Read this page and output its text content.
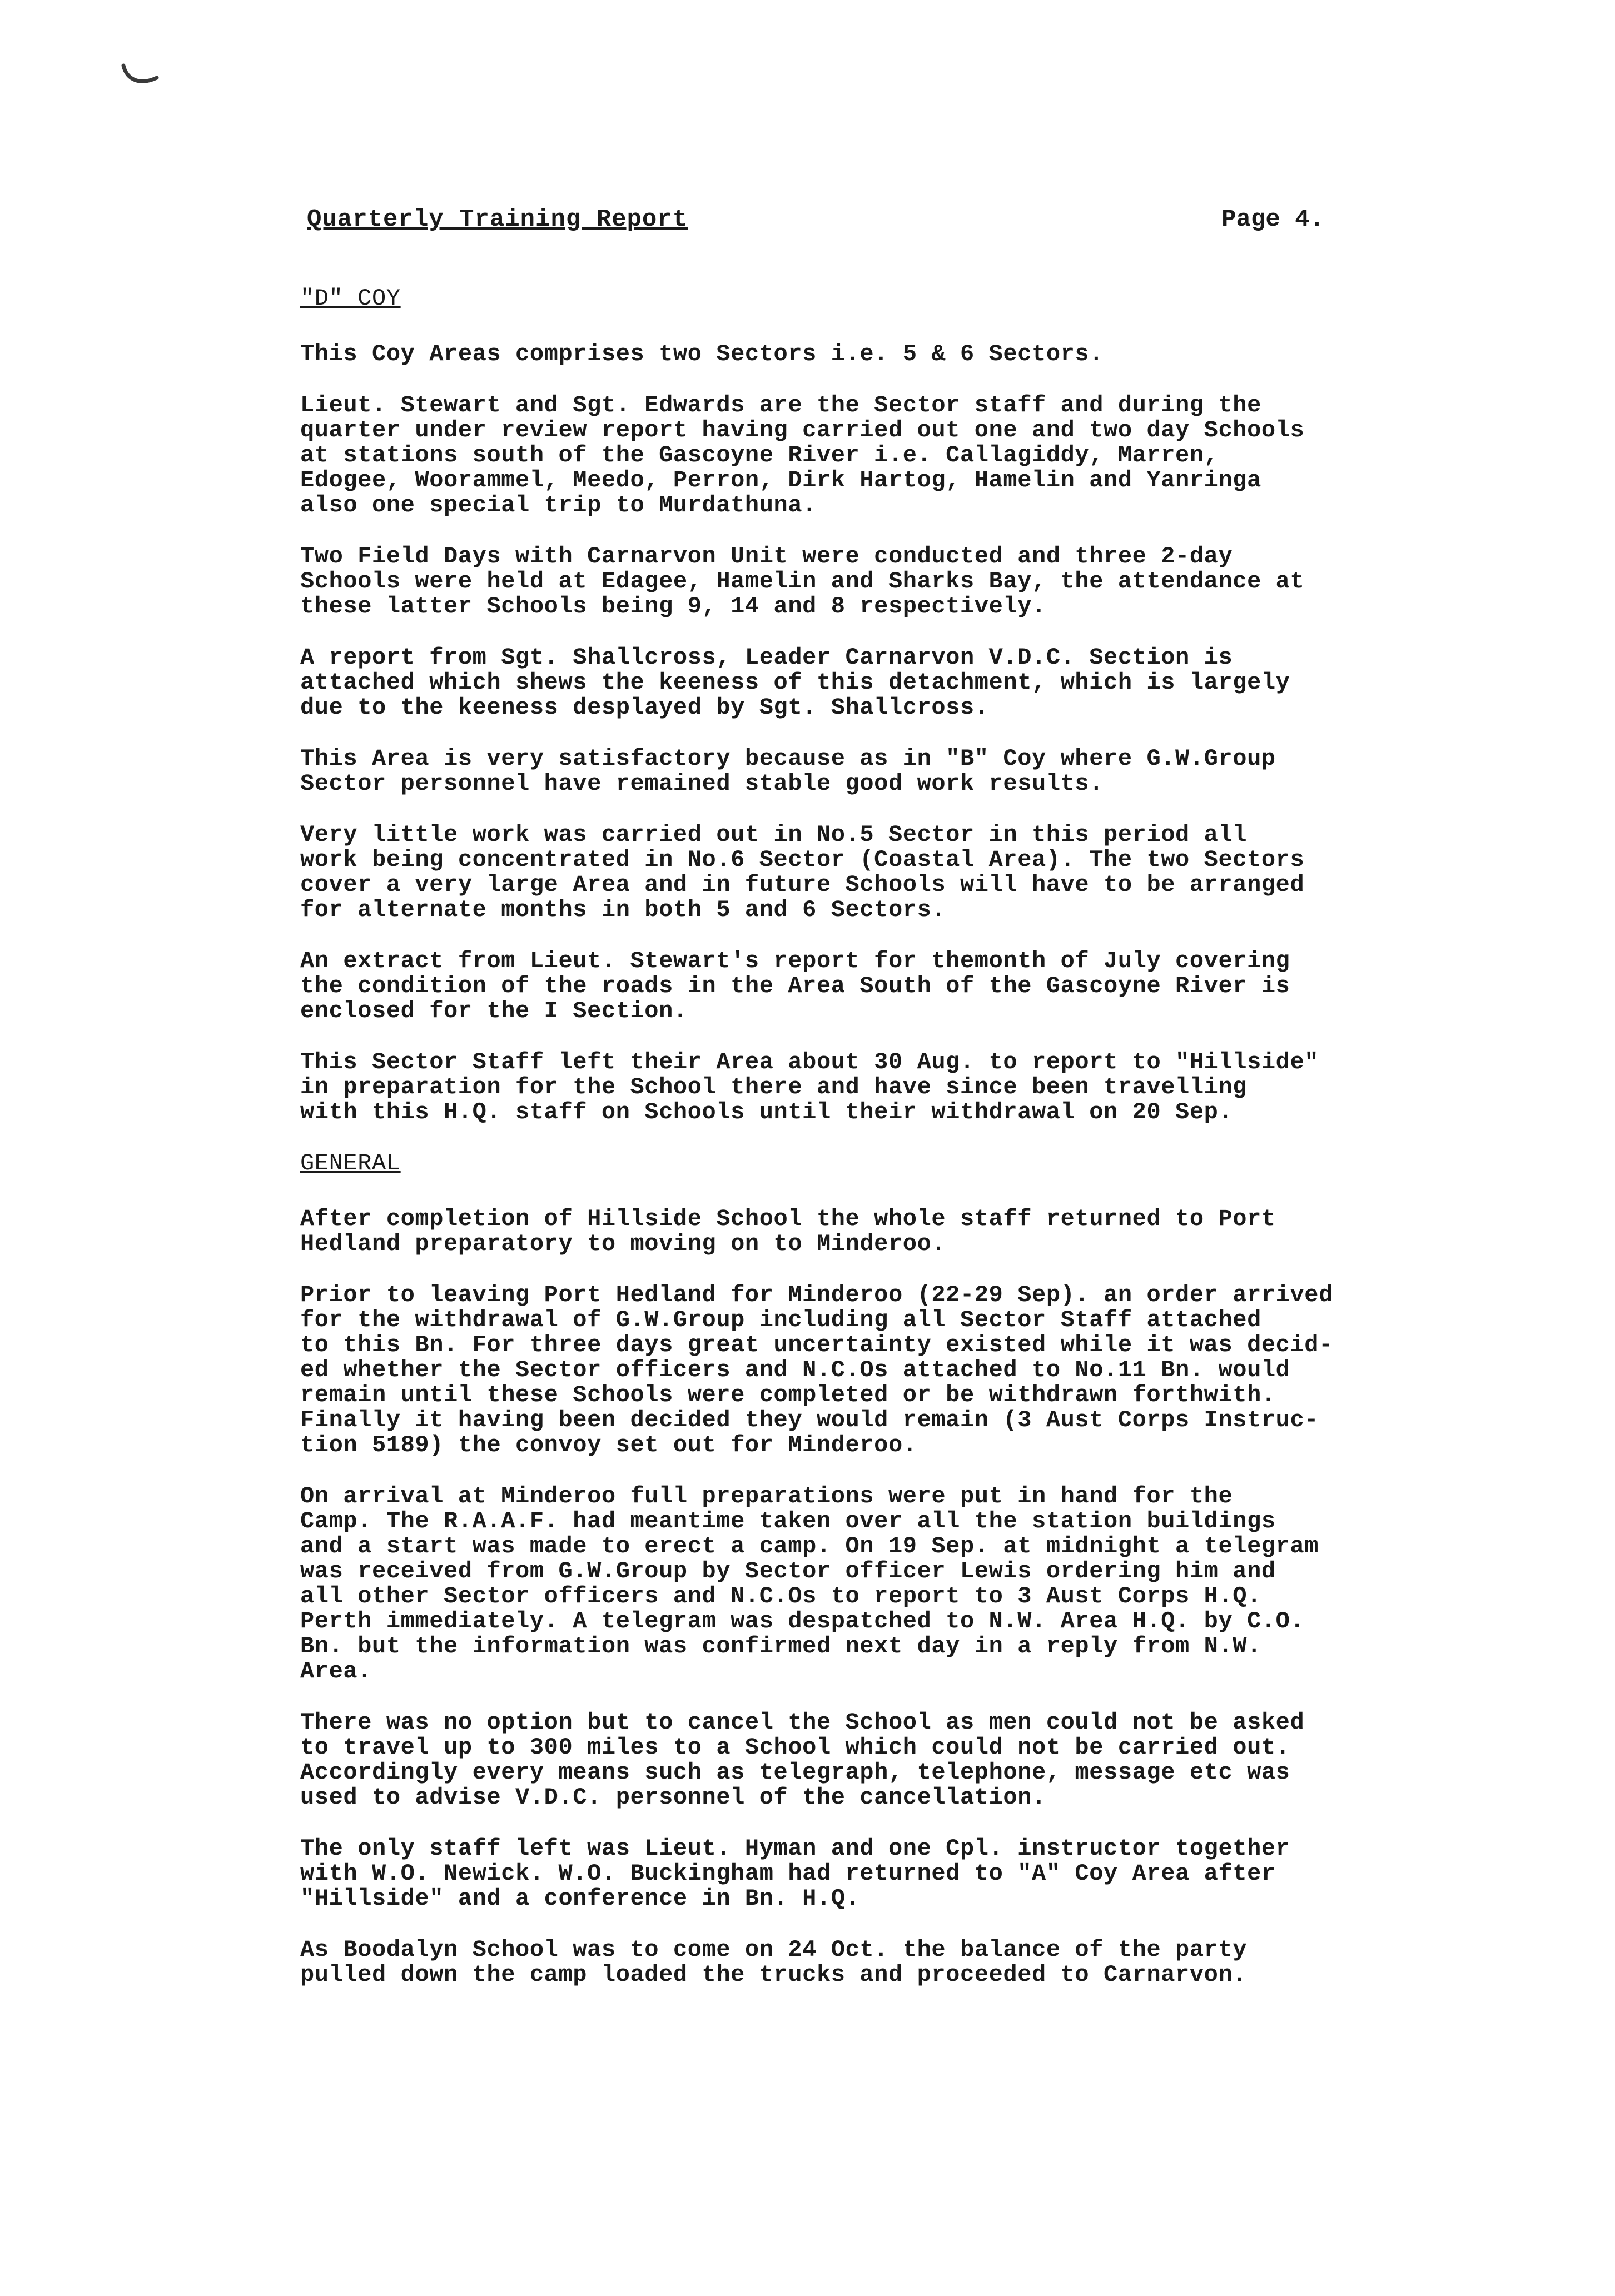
Quarterly Training Report	Page 4.
"D" COY
This Coy Areas comprises two Sectors i.e. 5 & 6 Sectors.
Lieut. Stewart and Sgt. Edwards are the Sector staff and during the
quarter under review report having carried out one and two day Schools
at stations south of the Gascoyne River i.e. Callagiddy, Marren,
Edogee, Woorammel, Meedo, Perron, Dirk Hartog, Hamelin and Yanringa
also one special trip to Murdathuna.
Two Field Days with Carnarvon Unit were conducted and three 2-day
Schools were held at Edagee, Hamelin and Sharks Bay, the attendance at
these latter Schools being 9, 14 and 8 respectively.
A report from Sgt. Shallcross, Leader Carnarvon V.D.C. Section is
attached which shews the keeness of this detachment, which is largely
due to the keeness desplayed by Sgt. Shallcross.
This Area is very satisfactory because as in "B" Coy where G.W.Group
Sector personnel have remained stable good work results.
Very little work was carried out in No.5 Sector in this period all
work being concentrated in No.6 Sector (Coastal Area). The two Sectors
cover a very large Area and in future Schools will have to be arranged
for alternate months in both 5 and 6 Sectors.
An extract from Lieut. Stewart's report for themonth of July covering
the condition of the roads in the Area South of the Gascoyne River is
enclosed for the I Section.
This Sector Staff left their Area about 30 Aug. to report to "Hillside"
in preparation for the School there and have since been travelling
with this H.Q. staff on Schools until their withdrawal on 20 Sep.
GENERAL
After completion of Hillside School the whole staff returned to Port
Hedland preparatory to moving on to Minderoo.
Prior to leaving Port Hedland for Minderoo (22-29 Sep). an order arrived
for the withdrawal of G.W.Group including all Sector Staff attached
to this Bn. For three days great uncertainty existed while it was decid-
ed whether the Sector officers and N.C.Os attached to No.11 Bn. would
remain until these Schools were completed or be withdrawn forthwith.
Finally it having been decided they would remain (3 Aust Corps Instruc-
tion 5189) the convoy set out for Minderoo.
On arrival at Minderoo full preparations were put in hand for the
Camp. The R.A.A.F. had meantime taken over all the station buildings
and a start was made to erect a camp. On 19 Sep. at midnight a telegram
was received from G.W.Group by Sector officer Lewis ordering him and
all other Sector officers and N.C.Os to report to 3 Aust Corps H.Q.
Perth immediately. A telegram was despatched to N.W. Area H.Q. by C.O.
Bn. but the information was confirmed next day in a reply from N.W.
Area.
There was no option but to cancel the School as men could not be asked
to travel up to 300 miles to a School which could not be carried out.
Accordingly every means such as telegraph, telephone, message etc was
used to advise V.D.C. personnel of the cancellation.
The only staff left was Lieut. Hyman and one Cpl. instructor together
with W.O. Newick. W.O. Buckingham had returned to "A" Coy Area after
"Hillside" and a conference in Bn. H.Q.
As Boodalyn School was to come on 24 Oct. the balance of the party
pulled down the camp loaded the trucks and proceeded to Carnarvon.
